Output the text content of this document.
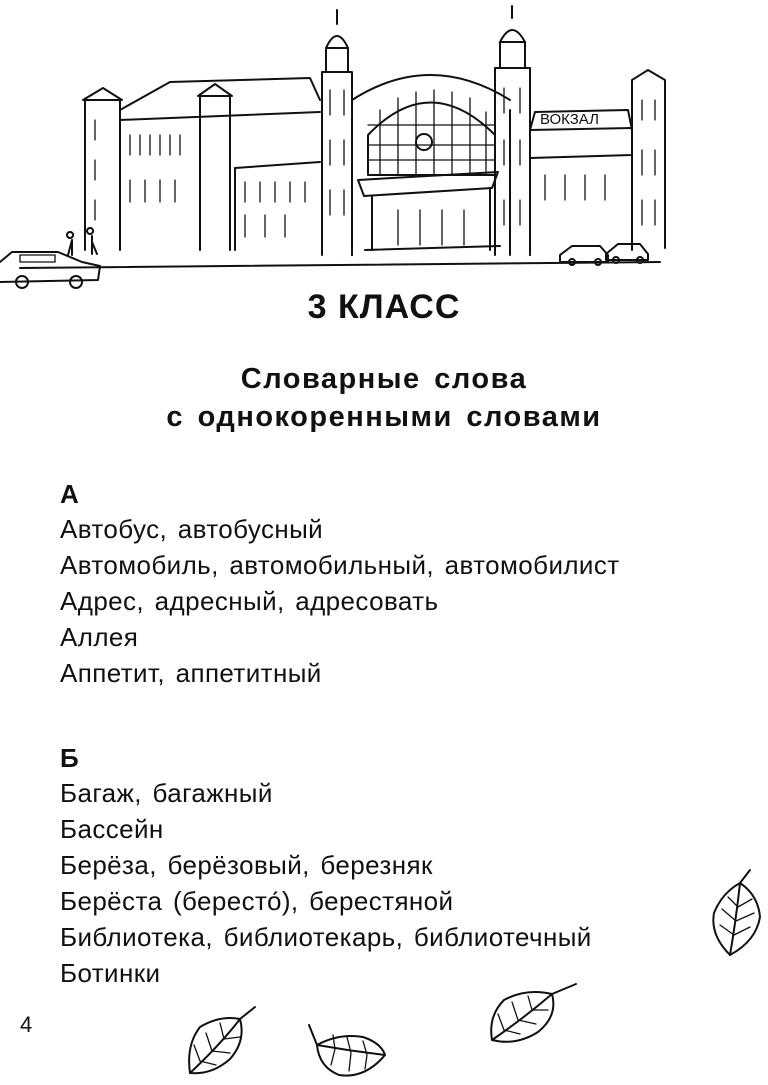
ВОКЗАЛ
3 КЛАСС
Словарные слова
с однокоренными словами
А
Автобус, автобусный
Автомобиль, автомобильный, автомобилист
Адрес, адресный, адресовать
Аллея
Аппетит, аппетитный
Б
Багаж, багажный
Бассейн
Берёза, берёзовый, березняк
Берёста (бересто́), берестяной
Библиотека, библиотекарь, библиотечный
Ботинки
4
